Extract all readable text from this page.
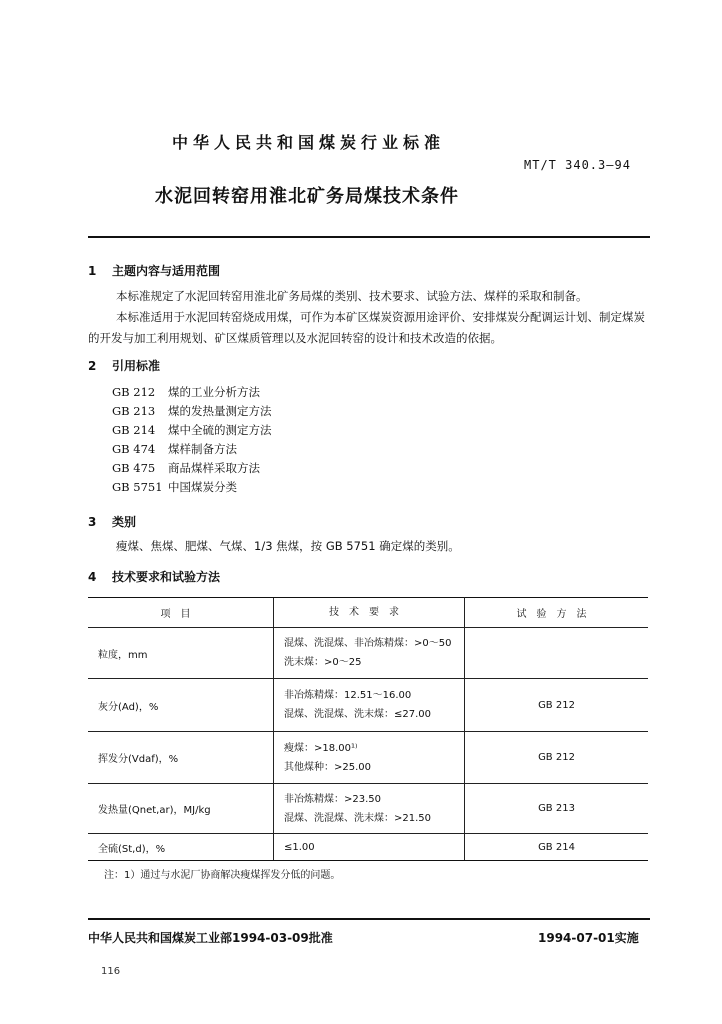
中华人民共和国煤炭行业标准
MT/T 340.3—94
水泥回转窑用淮北矿务局煤技术条件
1 主题内容与适用范围

本标准规定了水泥回转窑用淮北矿务局煤的类别、技术要求、试验方法、煤样的采取和制备。

本标准适用于水泥回转窑烧成用煤，可作为本矿区煤炭资源用途评价、安排煤炭分配调运计划、制定煤炭的开发与加工利用规划、矿区煤质管理以及水泥回转窑的设计和技术改造的依据。

2 引用标准
GB 212	煤的工业分析方法
GB 213	煤的发热量测定方法
GB 214	煤中全硫的测定方法
GB 474	煤样制备方法
GB 475	商品煤样采取方法
GB 5751 中国煤炭分类
3 类别
瘦煤、焦煤、肥煤、气煤、1/3 焦煤，按 GB 5751 确定煤的类别。
4 技术要求和试验方法
项目	技术要求	试验方法
粒度，mm	混煤、洗混煤、非冶炼精煤：>0～50
洗末煤：>0～25	

灰分(Ad)，%	非冶炼精煤：12.51～16.00
混煤、洗混煤、洗末煤：≤27.00	GB 212
挥发分(Vdaf)，%	瘦煤：>18.00¹⁾
其他煤种：>25.00	GB 212
发热量(Qnet,ar)，MJ/kg	非冶炼精煤：>23.50
混煤、洗混煤、洗末煤：>21.50	GB 213
全硫(St,d)，%	≤1.00	GB 214
注：1）通过与水泥厂协商解决瘦煤挥发分低的问题。
中华人民共和国煤炭工业部1994-03-09批准	1994-07-01实施
116
